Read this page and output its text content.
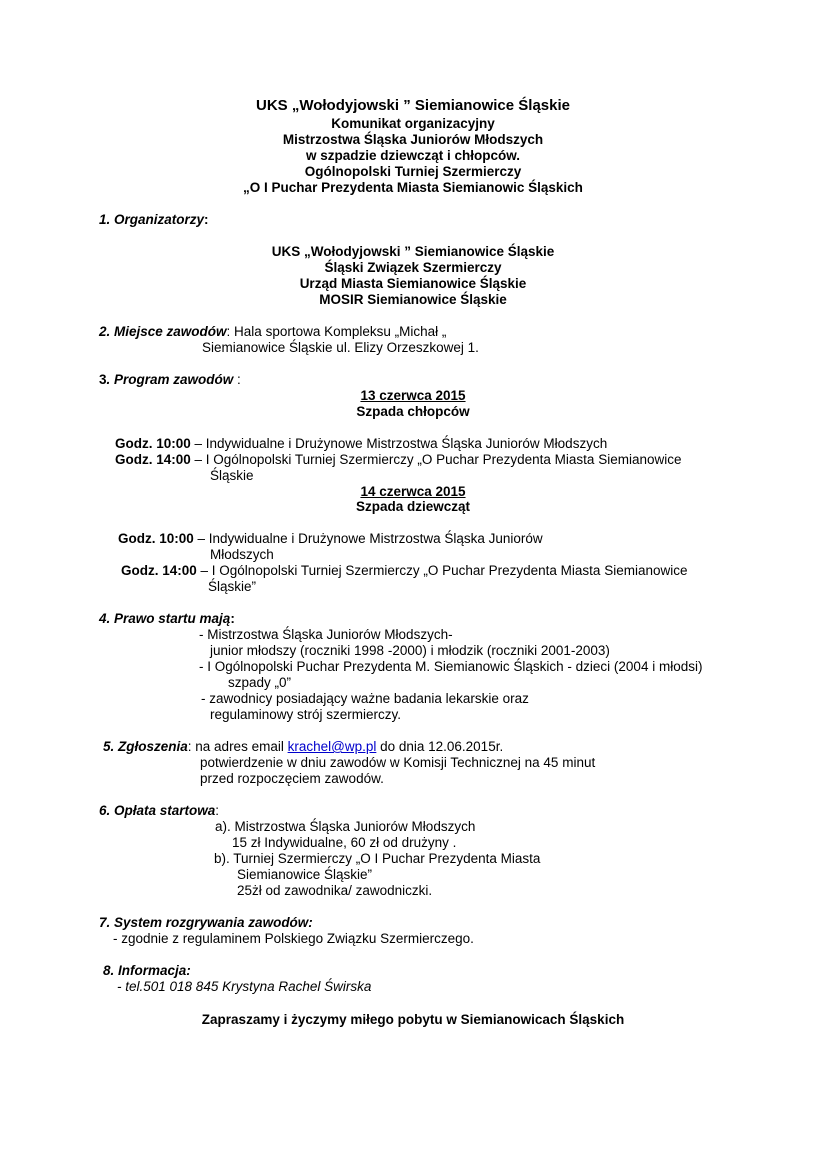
UKS „Wołodyjowski ” Siemianowice Śląskie
Komunikat organizacyjny
Mistrzostwa Śląska Juniorów Młodszych
w szpadzie dziewcząt i chłopców.
Ogólnopolski Turniej Szermierczy
„O I Puchar Prezydenta Miasta Siemianowic Śląskich
1. Organizatorzy:
UKS „Wołodyjowski ” Siemianowice Śląskie
Śląski Związek Szermierczy
Urząd Miasta Siemianowice Śląskie
MOSIR Siemianowice Śląskie
2. Miejsce zawodów: Hala sportowa Kompleksu „Michał „
Siemianowice Śląskie ul. Elizy Orzeszkowej 1.
3. Program zawodów :
13 czerwca 2015
Szpada chłopców
Godz. 10:00 – Indywidualne i Drużynowe Mistrzostwa Śląska Juniorów Młodszych
Godz. 14:00 – I Ogólnopolski Turniej Szermierczy „O Puchar Prezydenta Miasta Siemianowice
Śląskie
14 czerwca 2015
Szpada dziewcząt
Godz. 10:00 – Indywidualne i Drużynowe Mistrzostwa Śląska Juniorów
Młodszych
Godz. 14:00 – I Ogólnopolski Turniej Szermierczy „O Puchar Prezydenta Miasta Siemianowice
Śląskie”
4. Prawo startu mają:
- Mistrzostwa Śląska Juniorów Młodszych-
junior młodszy (roczniki 1998 -2000) i młodzik (roczniki 2001-2003)
- I Ogólnopolski Puchar Prezydenta M. Siemianowic Śląskich - dzieci (2004 i młodsi)
szpady „0”
- zawodnicy posiadający ważne badania lekarskie oraz
regulaminowy strój szermierczy.
5. Zgłoszenia: na adres email krachel@wp.pl do dnia 12.06.2015r.
potwierdzenie w dniu zawodów w Komisji Technicznej na 45 minut
przed rozpoczęciem zawodów.
6. Opłata startowa:
a). Mistrzostwa Śląska Juniorów Młodszych
15 zł Indywidualne, 60 zł od drużyny .
b). Turniej Szermierczy „O I Puchar Prezydenta Miasta
Siemianowice Śląskie”
25żł od zawodnika/ zawodniczki.
7. System rozgrywania zawodów:
- zgodnie z regulaminem Polskiego Związku Szermierczego.
8. Informacja:
- tel.501 018 845 Krystyna Rachel Świrska
Zapraszamy i życzymy miłego pobytu w Siemianowicach Śląskich
